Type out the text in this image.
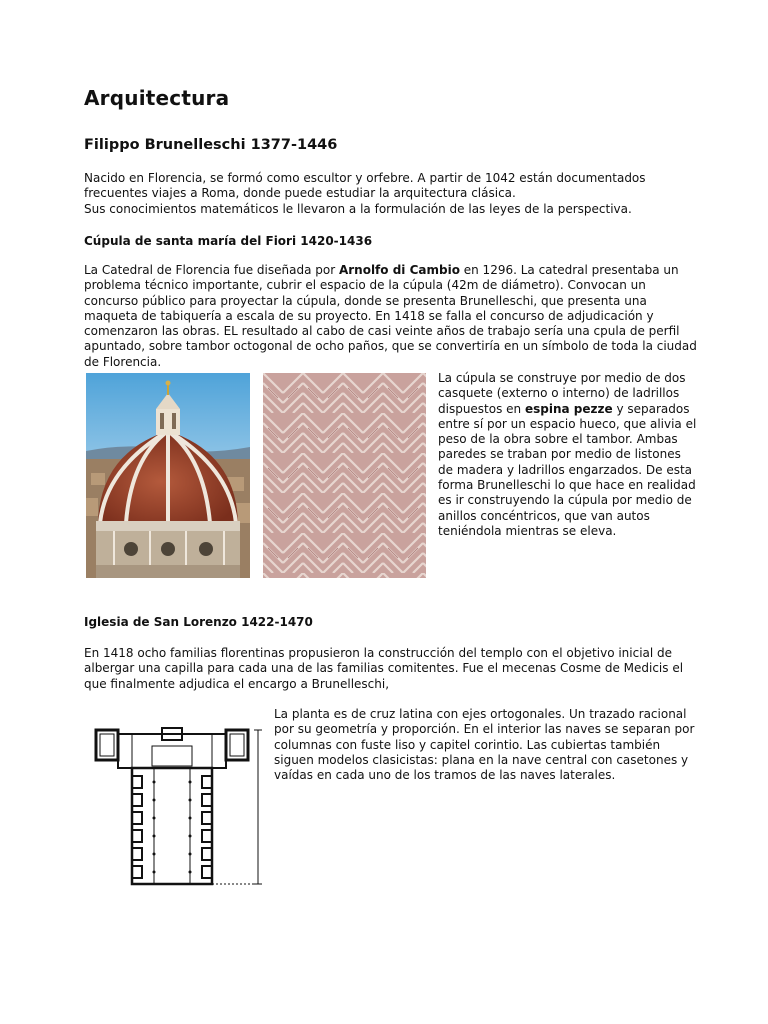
Arquitectura
Filippo Brunelleschi 1377-1446
Nacido en Florencia, se formó como escultor y orfebre. A partir de 1042 están documentados frecuentes viajes a Roma, donde puede estudiar la arquitectura clásica.
Sus conocimientos matemáticos le llevaron a la formulación de las leyes de la perspectiva.
Cúpula de santa maría del Fiori 1420-1436
La Catedral de Florencia fue diseñada por Arnolfo di Cambio en 1296. La catedral presentaba un problema técnico importante, cubrir el espacio de la cúpula (42m de diámetro). Convocan un concurso público para proyectar la cúpula, donde se presenta Brunelleschi, que presenta una maqueta de tabiquería a escala de su proyecto. En 1418 se falla el concurso de adjudicación y comenzaron las obras. EL resultado al cabo de casi veinte años de trabajo sería una cpula de perfil apuntado, sobre tambor octogonal de ocho paños, que se convertiría en un símbolo de toda la ciudad de Florencia.
La cúpula se construye por medio de dos casquete (externo o interno) de ladrillos dispuestos en espina pezze y separados entre sí por un espacio hueco, que alivia el peso de la obra sobre el tambor. Ambas paredes se traban por medio de listones de madera y ladrillos engarzados. De esta forma Brunelleschi lo que hace en realidad es ir construyendo la cúpula por medio de anillos concéntricos, que van autos teniéndola mientras se eleva.
Iglesia de San Lorenzo 1422-1470
En 1418 ocho familias florentinas propusieron la construcción del templo con el objetivo inicial de albergar una capilla para cada una de las familias comitentes. Fue el mecenas Cosme de Medicis el que finalmente adjudica el encargo a Brunelleschi,
La planta es de cruz latina con ejes ortogonales. Un trazado racional por su geometría y proporción. En el interior las naves se separan por columnas con fuste liso y capitel corintio. Las cubiertas también siguen modelos clasicistas: plana en la nave central con casetones y vaídas en cada uno de los tramos de las naves laterales.
